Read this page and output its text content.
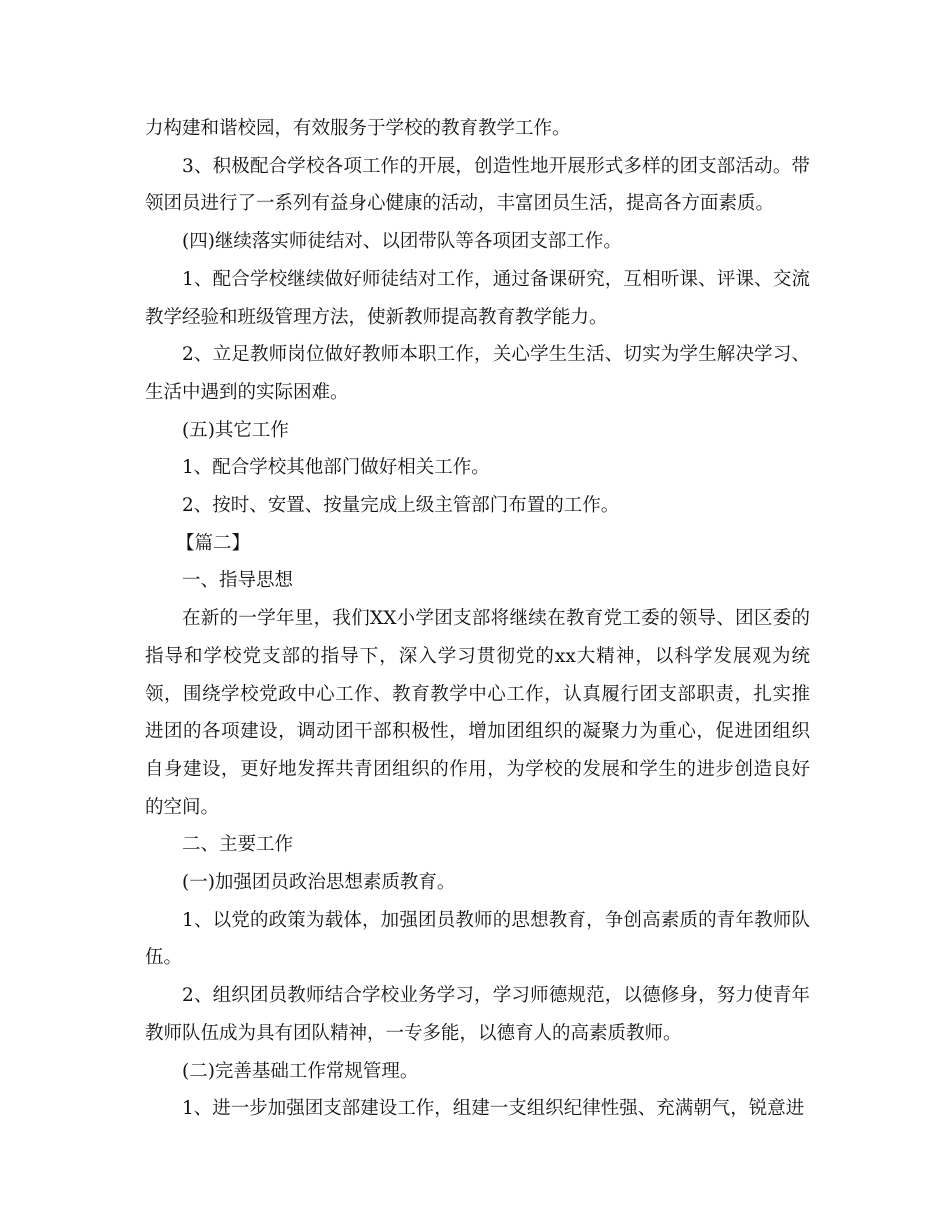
力构建和谐校园，有效服务于学校的教育教学工作。

3、积极配合学校各项工作的开展，创造性地开展形式多样的团支部活动。带领团员进行了一系列有益身心健康的活动，丰富团员生活，提高各方面素质。

(四)继续落实师徒结对、以团带队等各项团支部工作。

1、配合学校继续做好师徒结对工作，通过备课研究，互相听课、评课、交流教学经验和班级管理方法，使新教师提高教育教学能力。

2、立足教师岗位做好教师本职工作，关心学生生活、切实为学生解决学习、生活中遇到的实际困难。

(五)其它工作

1、配合学校其他部门做好相关工作。

2、按时、安置、按量完成上级主管部门布置的工作。

【篇二】

一、指导思想

在新的一学年里，我们XX小学团支部将继续在教育党工委的领导、团区委的指导和学校党支部的指导下，深入学习贯彻党的xx大精神，以科学发展观为统领，围绕学校党政中心工作、教育教学中心工作，认真履行团支部职责，扎实推进团的各项建设，调动团干部积极性，增加团组织的凝聚力为重心，促进团组织自身建设，更好地发挥共青团组织的作用，为学校的发展和学生的进步创造良好的空间。

二、主要工作

(一)加强团员政治思想素质教育。

1、以党的政策为载体，加强团员教师的思想教育，争创高素质的青年教师队伍。

2、组织团员教师结合学校业务学习，学习师德规范，以德修身，努力使青年教师队伍成为具有团队精神，一专多能，以德育人的高素质教师。

(二)完善基础工作常规管理。

1、进一步加强团支部建设工作，组建一支组织纪律性强、充满朝气，锐意进
